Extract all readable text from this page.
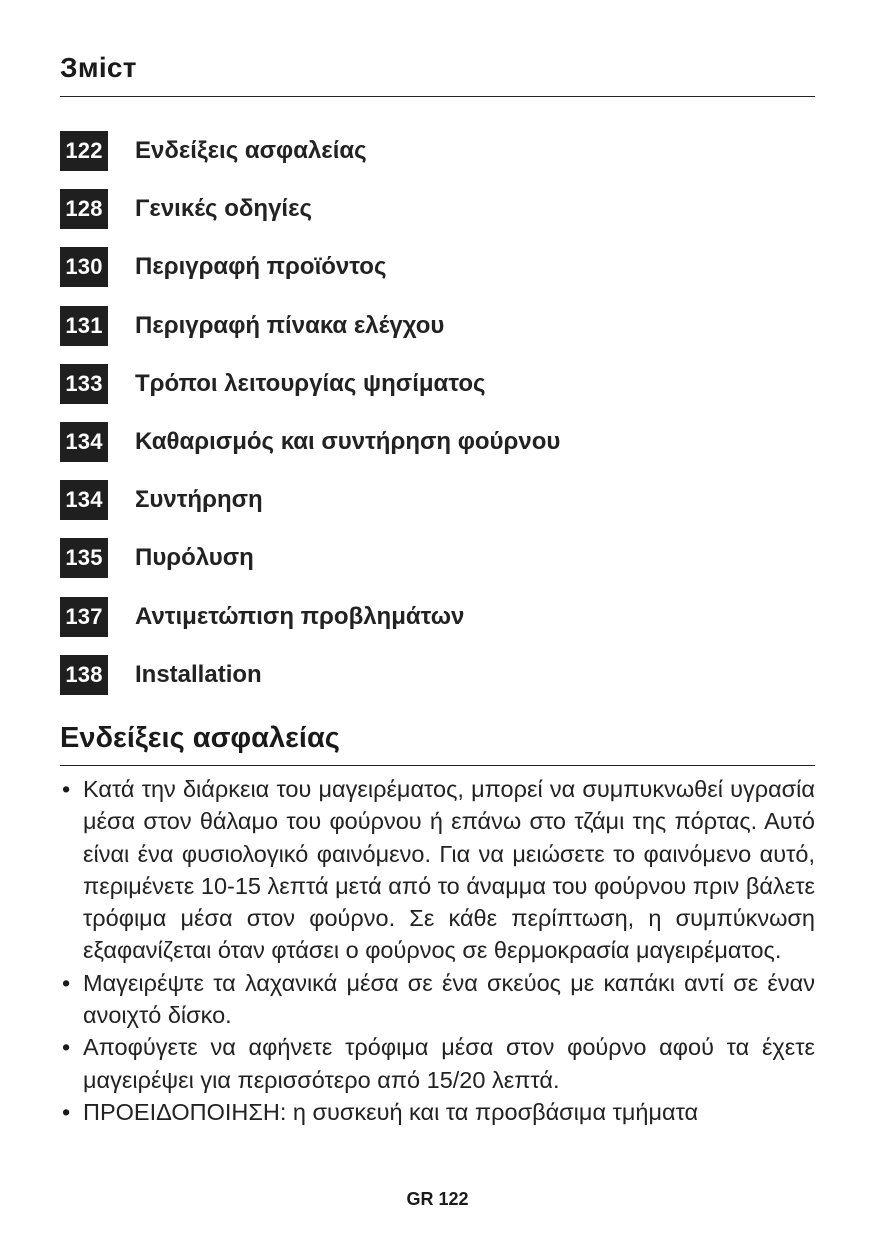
Зміст
122 Ενδείξεις ασφαλείας
128 Γενικές οδηγίες
130 Περιγραφή προϊόντος
131 Περιγραφή πίνακα ελέγχου
133 Τρόποι λειτουργίας ψησίματος
134 Καθαρισμός και συντήρηση φούρνου
134 Συντήρηση
135 Πυρόλυση
137 Αντιμετώπιση προβλημάτων
138 Installation
Ενδείξεις ασφαλείας
• Κατά την διάρκεια του μαγειρέματος, μπορεί να συμπυκνωθεί υγρασία μέσα στον θάλαμο του φούρνου ή επάνω στο τζάμι της πόρτας. Αυτό είναι ένα φυσιολογικό φαινόμενο. Για να μειώσετε το φαινόμενο αυτό, περιμένετε 10-15 λεπτά μετά από το άναμμα του φούρνου πριν βάλετε τρόφιμα μέσα στον φούρνο. Σε κάθε περίπτωση, η συμπύκνωση εξαφανίζεται όταν φτάσει ο φούρνος σε θερμοκρασία μαγειρέματος.
• Μαγειρέψτε τα λαχανικά μέσα σε ένα σκεύος με καπάκι αντί σε έναν ανοιχτό δίσκο.
• Αποφύγετε να αφήνετε τρόφιμα μέσα στον φούρνο αφού τα έχετε μαγειρέψει για περισσότερο από 15/20 λεπτά.
• ΠΡΟΕΙΔΟΠΟΙΗΣΗ: η συσκευή και τα προσβάσιμα τμήματα
GR 122
